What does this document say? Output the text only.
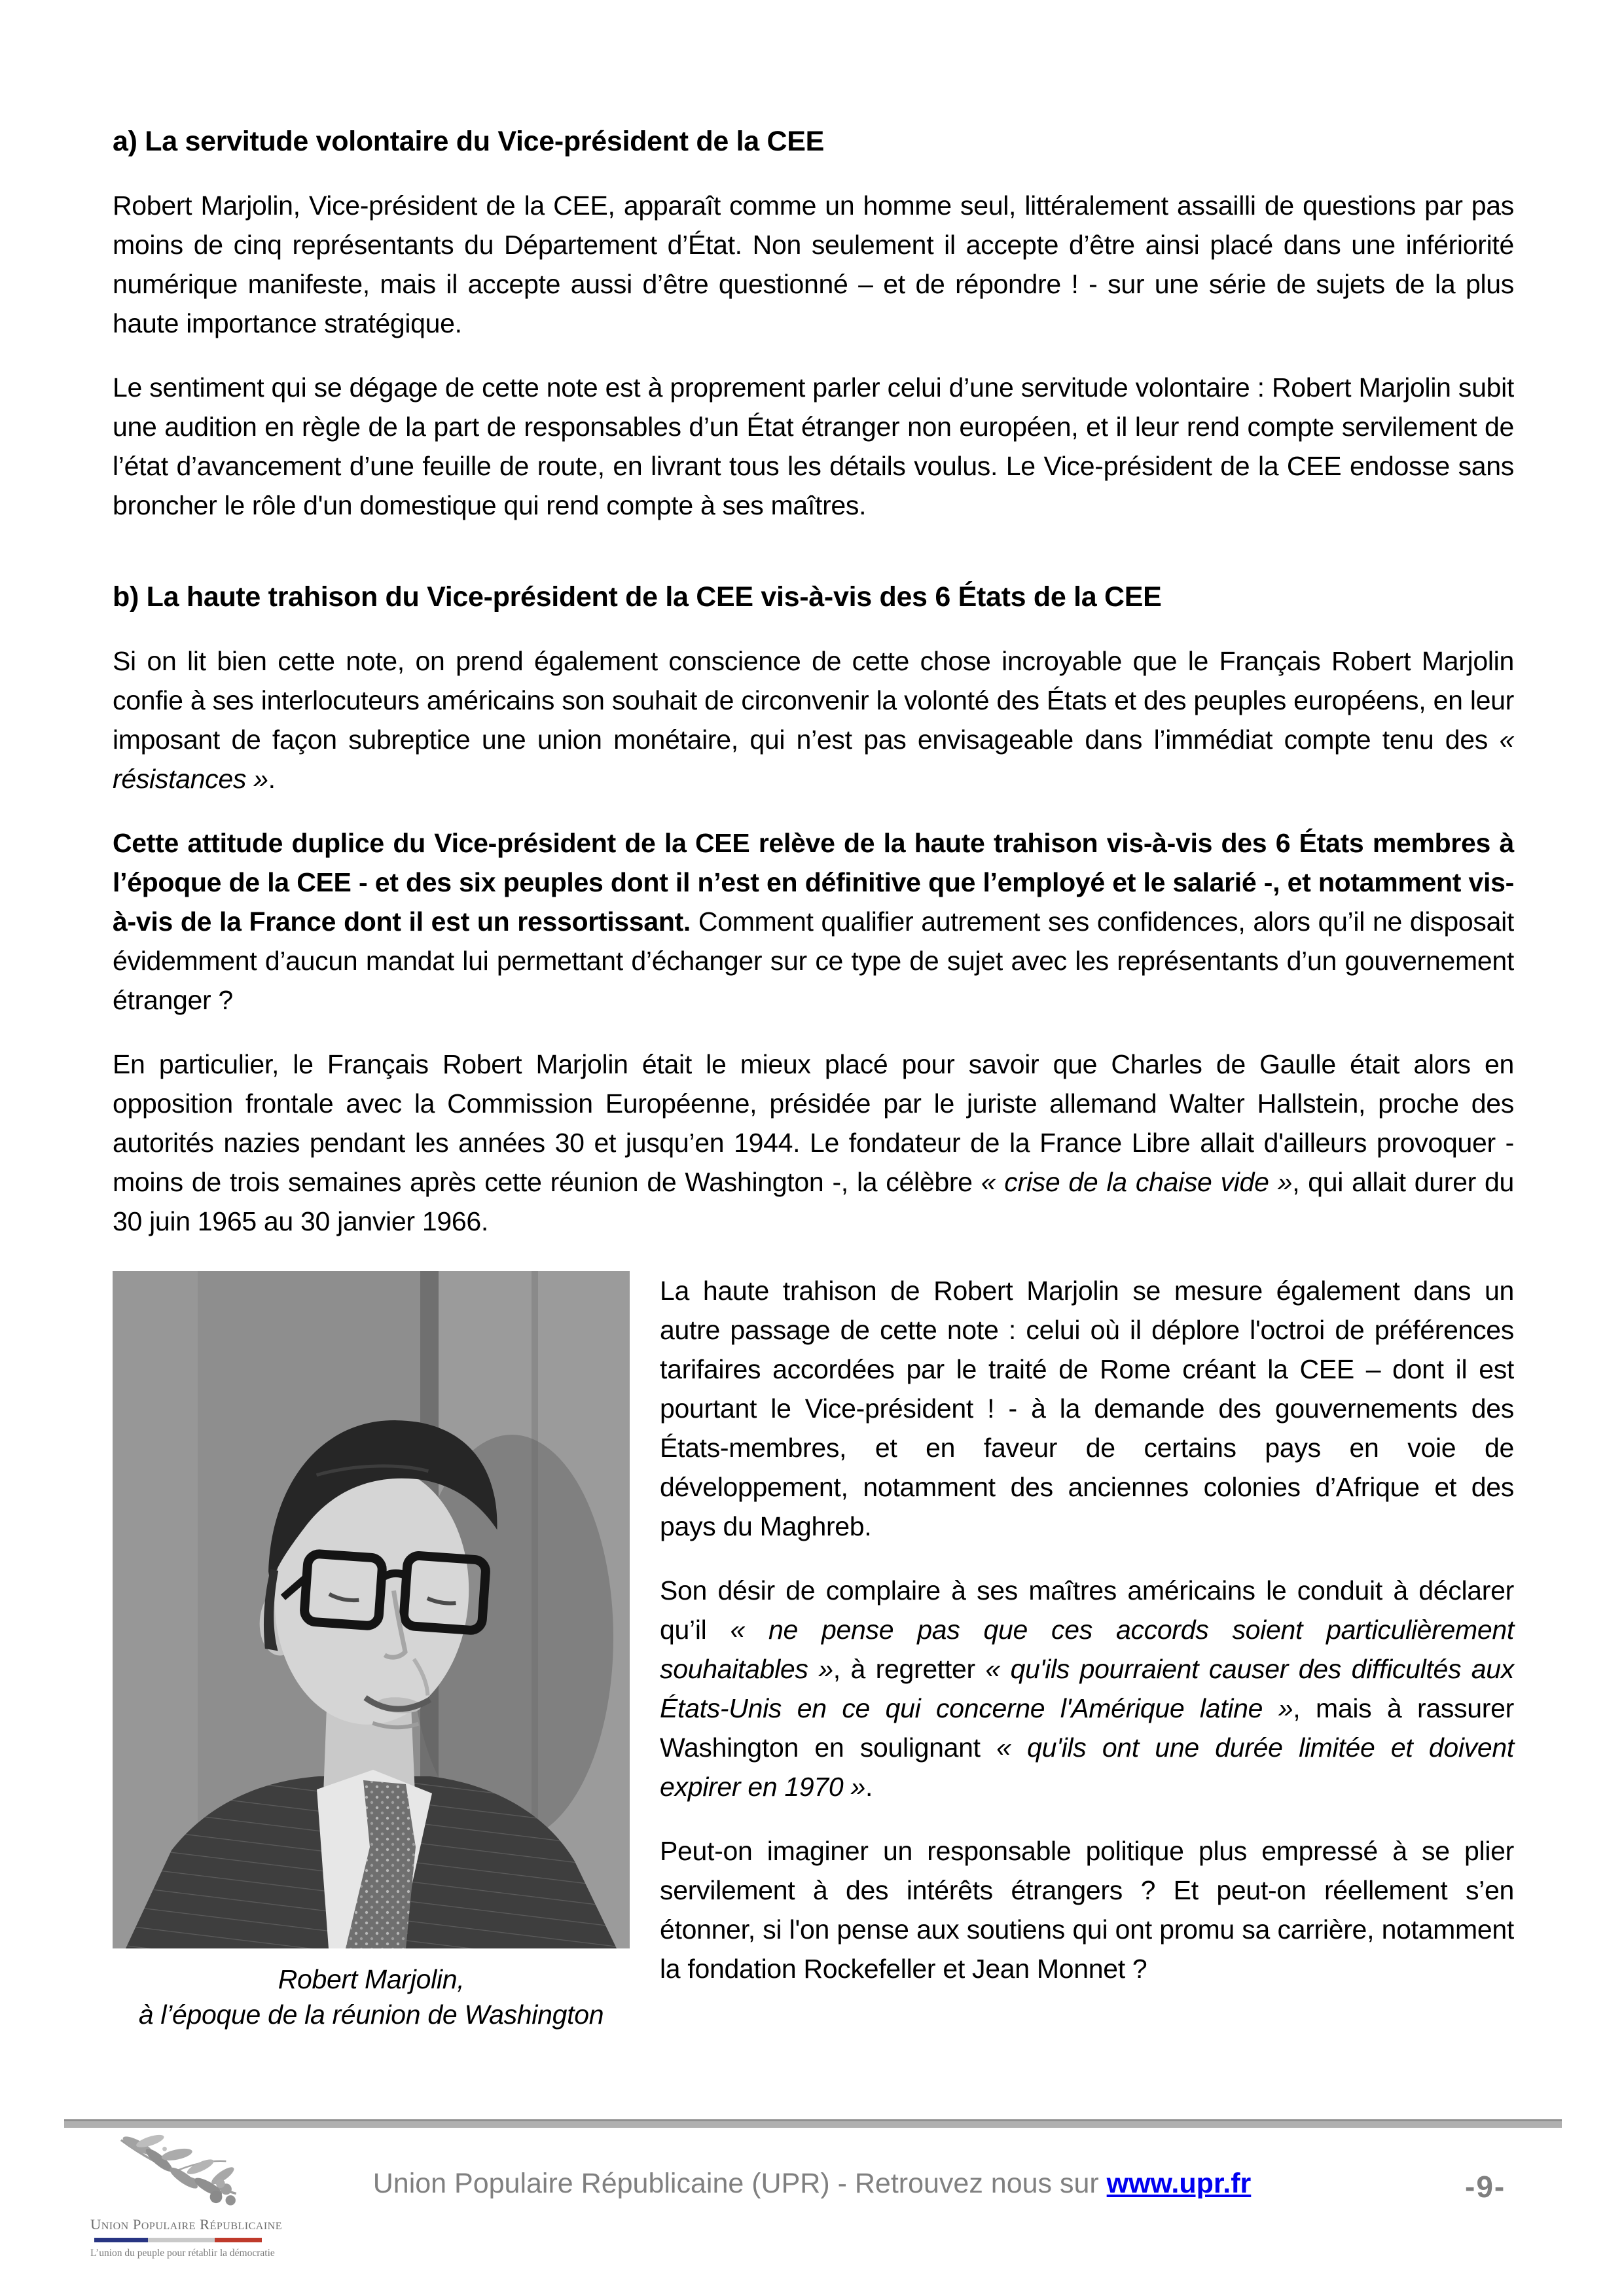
a) La servitude volontaire du Vice-président de la CEE

Robert Marjolin, Vice-président de la CEE, apparaît comme un homme seul, littéralement assailli de questions par pas moins de cinq représentants du Département d’État. Non seulement il accepte d’être ainsi placé dans une infériorité numérique manifeste, mais il accepte aussi d’être questionné – et de répondre ! - sur une série de sujets de la plus haute importance stratégique.

Le sentiment qui se dégage de cette note est à proprement parler celui d’une servitude volontaire : Robert Marjolin subit une audition en règle de la part de responsables d’un État étranger non européen, et il leur rend compte servilement de l’état d’avancement d’une feuille de route, en livrant tous les détails voulus. Le Vice-président de la CEE endosse sans broncher le rôle d'un domestique qui rend compte à ses maîtres.

b) La haute trahison du Vice-président de la CEE vis-à-vis des 6 États de la CEE

Si on lit bien cette note, on prend également conscience de cette chose incroyable que le Français Robert Marjolin confie à ses interlocuteurs américains son souhait de circonvenir la volonté des États et des peuples européens, en leur imposant de façon subreptice une union monétaire, qui n’est pas envisageable dans l’immédiat compte tenu des « résistances ».

Cette attitude duplice du Vice-président de la CEE relève de la haute trahison vis-à-vis des 6 États membres à l’époque de la CEE - et des six peuples dont il n’est en définitive que l’employé et le salarié -, et notamment vis-à-vis de la France dont il est un ressortissant. Comment qualifier autrement ses confidences, alors qu’il ne disposait évidemment d’aucun mandat lui permettant d’échanger sur ce type de sujet avec les représentants d’un gouvernement étranger ?

En particulier, le Français Robert Marjolin était le mieux placé pour savoir que Charles de Gaulle était alors en opposition frontale avec la Commission Européenne, présidée par le juriste allemand Walter Hallstein, proche des autorités nazies pendant les années 30 et jusqu’en 1944. Le fondateur de la France Libre allait d'ailleurs provoquer - moins de trois semaines après cette réunion de Washington -, la célèbre « crise de la chaise vide », qui allait durer du 30 juin 1965 au 30 janvier 1966.

Robert Marjolin,
à l’époque de la réunion de Washington

La haute trahison de Robert Marjolin se mesure également dans un autre passage de cette note : celui où il déplore l'octroi de préférences tarifaires accordées par le traité de Rome créant la CEE – dont il est pourtant le Vice-président ! - à la demande des gouvernements des États-membres, et en faveur de certains pays en voie de développement, notamment des anciennes colonies d’Afrique et des pays du Maghreb.

Son désir de complaire à ses maîtres américains le conduit à déclarer qu’il « ne pense pas que ces accords soient particulièrement souhaitables », à regretter « qu'ils pourraient causer des difficultés aux États-Unis en ce qui concerne l'Amérique latine », mais à rassurer Washington en soulignant « qu'ils ont une durée limitée et doivent expirer en 1970 ».

Peut-on imaginer un responsable politique plus empressé à se plier servilement à des intérêts étrangers ? Et peut-on réellement s’en étonner, si l'on pense aux soutiens qui ont promu sa carrière, notamment la fondation Rockefeller et Jean Monnet ?

Union Populaire Républicaine
L’union du peuple pour rétablir la démocratie
Union Populaire Républicaine (UPR) - Retrouvez nous sur www.upr.fr	-9-
